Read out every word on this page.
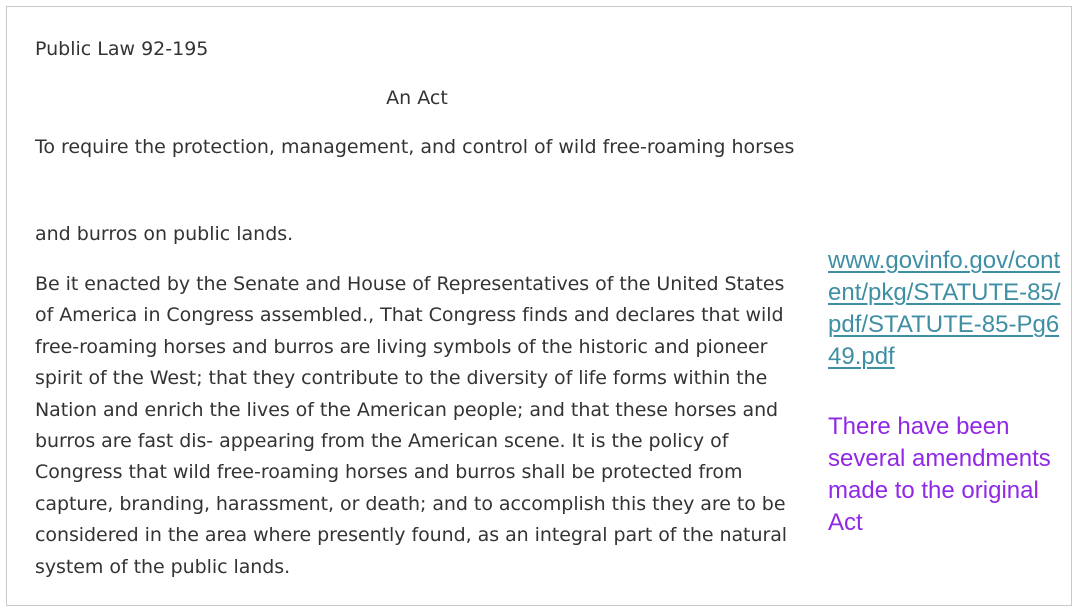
Public Law 92-195

An Act

To require the protection, management, and control of wild free-roaming horses

and burros on public lands.

Be it enacted by the Senate and House of Representatives of the United States of America in Congress assembled., That Congress finds and declares that wild free-roaming horses and burros are living symbols of the historic and pioneer spirit of the West; that they contribute to the diversity of life forms within the Nation and enrich the lives of the American people; and that these horses and burros are fast dis- appearing from the American scene. It is the policy of Congress that wild free-roaming horses and burros shall be protected from capture, branding, harassment, or death; and to accomplish this they are to be considered in the area where presently found, as an integral part of the natural system of the public lands.

www.govinfo.gov/content/pkg/STATUTE-85/pdf/STATUTE-85-Pg649.pdf

There have been several amendments made to the original Act
